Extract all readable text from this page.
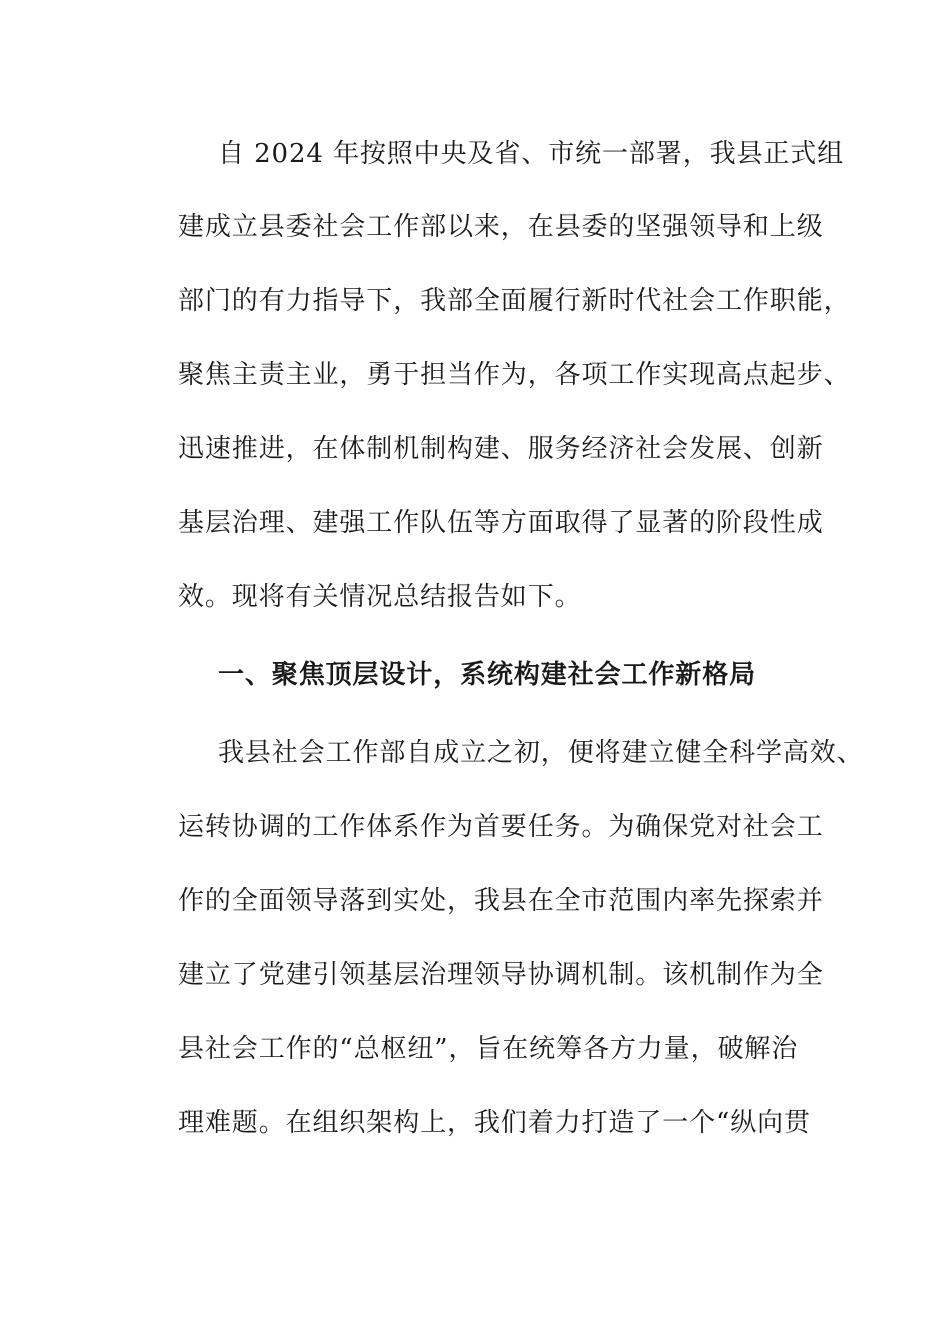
自 2024 年按照中央及省、市统一部署，我县正式组
建成立县委社会工作部以来，在县委的坚强领导和上级
部门的有力指导下，我部全面履行新时代社会工作职能，
聚焦主责主业，勇于担当作为，各项工作实现高点起步、
迅速推进，在体制机制构建、服务经济社会发展、创新
基层治理、建强工作队伍等方面取得了显著的阶段性成
效。现将有关情况总结报告如下。
一、聚焦顶层设计，系统构建社会工作新格局
我县社会工作部自成立之初，便将建立健全科学高效、
运转协调的工作体系作为首要任务。为确保党对社会工
作的全面领导落到实处，我县在全市范围内率先探索并
建立了党建引领基层治理领导协调机制。该机制作为全
县社会工作的“总枢纽”，旨在统筹各方力量，破解治
理难题。在组织架构上，我们着力打造了一个“纵向贯
